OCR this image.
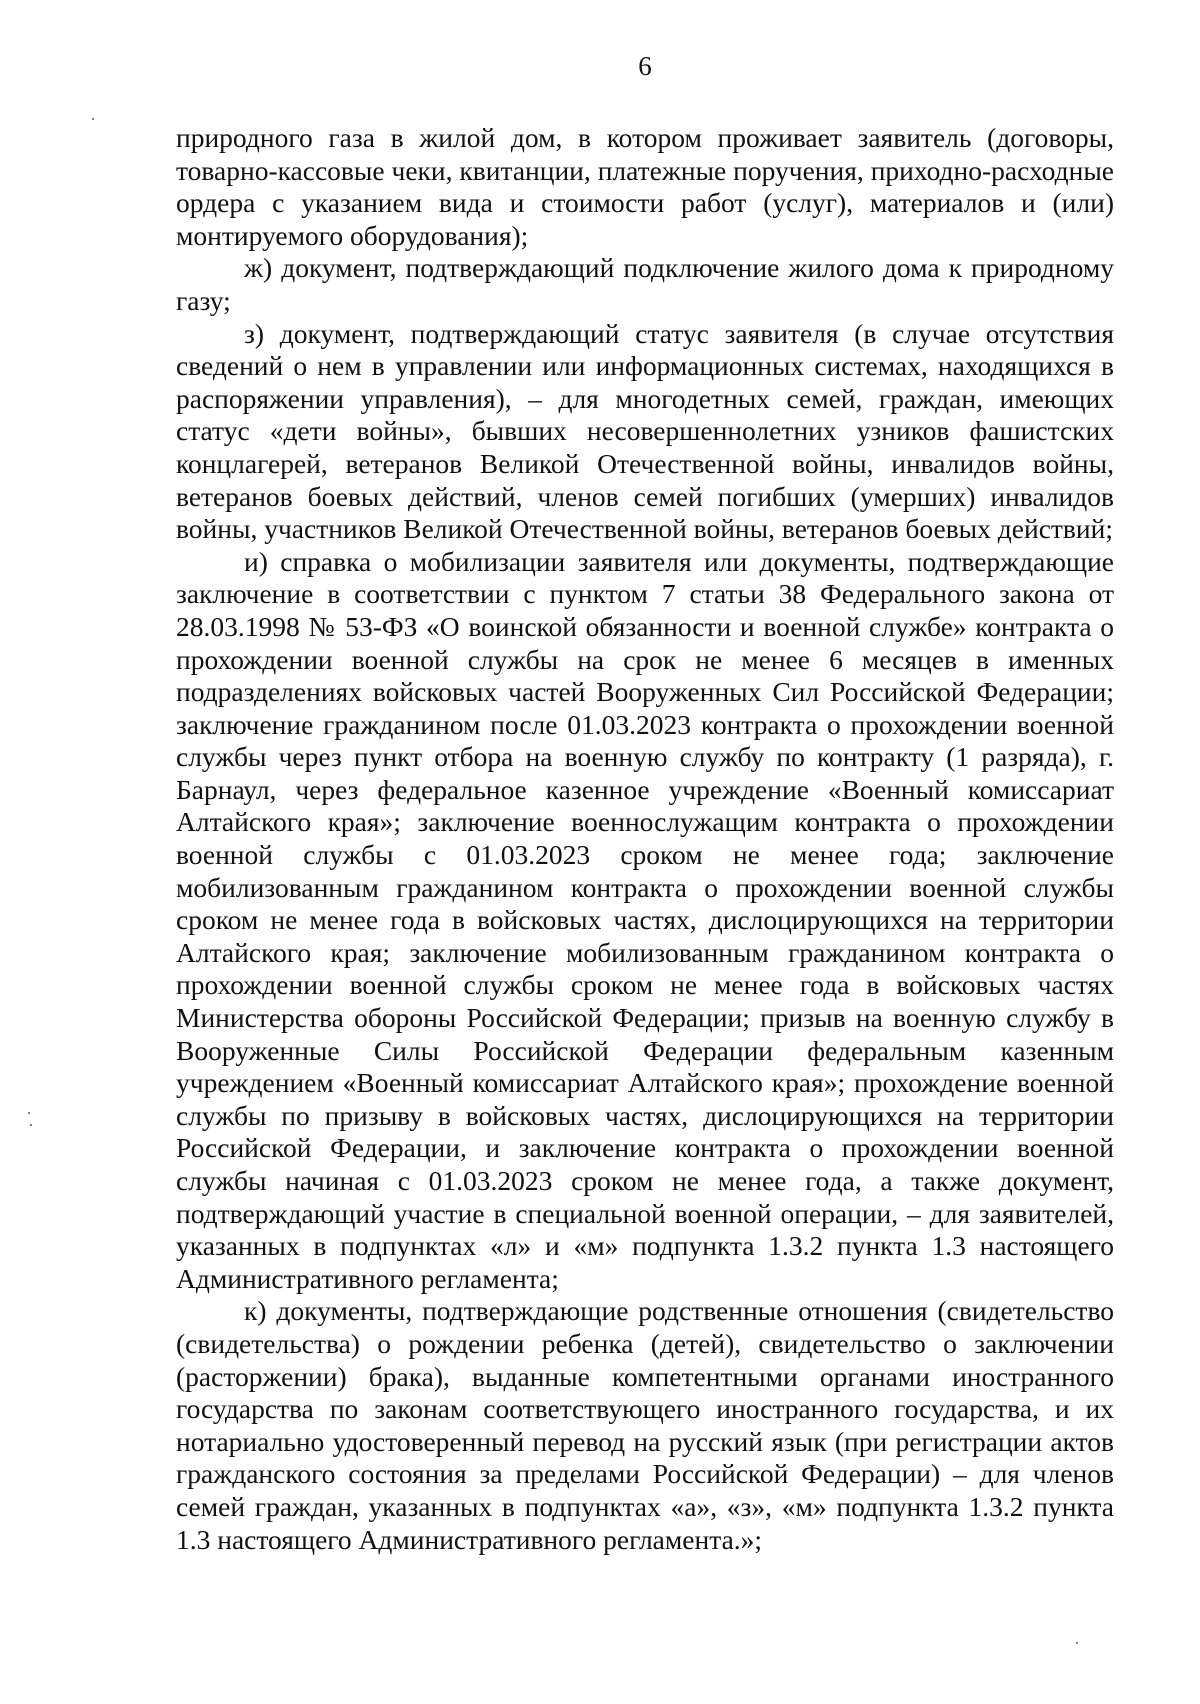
6

природного газа в жилой дом, в котором проживает заявитель (договоры, товарно-кассовые чеки, квитанции, платежные поручения, приходно-расходные ордера с указанием вида и стоимости работ (услуг), материалов и (или) монтируемого оборудования);

ж) документ, подтверждающий подключение жилого дома к природному газу;

з) документ, подтверждающий статус заявителя (в случае отсутствия сведений о нем в управлении или информационных системах, находящихся в распоряжении управления), – для многодетных семей, граждан, имеющих статус «дети войны», бывших несовершеннолетних узников фашистских концлагерей, ветеранов Великой Отечественной войны, инвалидов войны, ветеранов боевых действий, членов семей погибших (умерших) инвалидов войны, участников Великой Отечественной войны, ветеранов боевых действий;

и) справка о мобилизации заявителя или документы, подтверждающие заключение в соответствии с пунктом 7 статьи 38 Федерального закона от 28.03.1998 № 53-ФЗ «О воинской обязанности и военной службе» контракта о прохождении военной службы на срок не менее 6 месяцев в именных подразделениях войсковых частей Вооруженных Сил Российской Федерации; заключение гражданином после 01.03.2023 контракта о прохождении военной службы через пункт отбора на военную службу по контракту (1 разряда), г. Барнаул, через федеральное казенное учреждение «Военный комиссариат Алтайского края»; заключение военнослужащим контракта о прохождении военной службы с 01.03.2023 сроком не менее года; заключение мобилизованным гражданином контракта о прохождении военной службы сроком не менее года в войсковых частях, дислоцирующихся на территории Алтайского края; заключение мобилизованным гражданином контракта о прохождении военной службы сроком не менее года в войсковых частях Министерства обороны Российской Федерации; призыв на военную службу в Вооруженные Силы Российской Федерации федеральным казенным учреждением «Военный комиссариат Алтайского края»; прохождение военной службы по призыву в войсковых частях, дислоцирующихся на территории Российской Федерации, и заключение контракта о прохождении военной службы начиная с 01.03.2023 сроком не менее года, а также документ, подтверждающий участие в специальной военной операции, – для заявителей, указанных в подпунктах «л» и «м» подпункта 1.3.2 пункта 1.3 настоящего Административного регламента;

к) документы, подтверждающие родственные отношения (свидетельство (свидетельства) о рождении ребенка (детей), свидетельство о заключении (расторжении) брака), выданные компетентными органами иностранного государства по законам соответствующего иностранного государства, и их нотариально удостоверенный перевод на русский язык (при регистрации актов гражданского состояния за пределами Российской Федерации) – для членов семей граждан, указанных в подпунктах «а», «з», «м» подпункта 1.3.2 пункта 1.3 настоящего Административного регламента.»;
